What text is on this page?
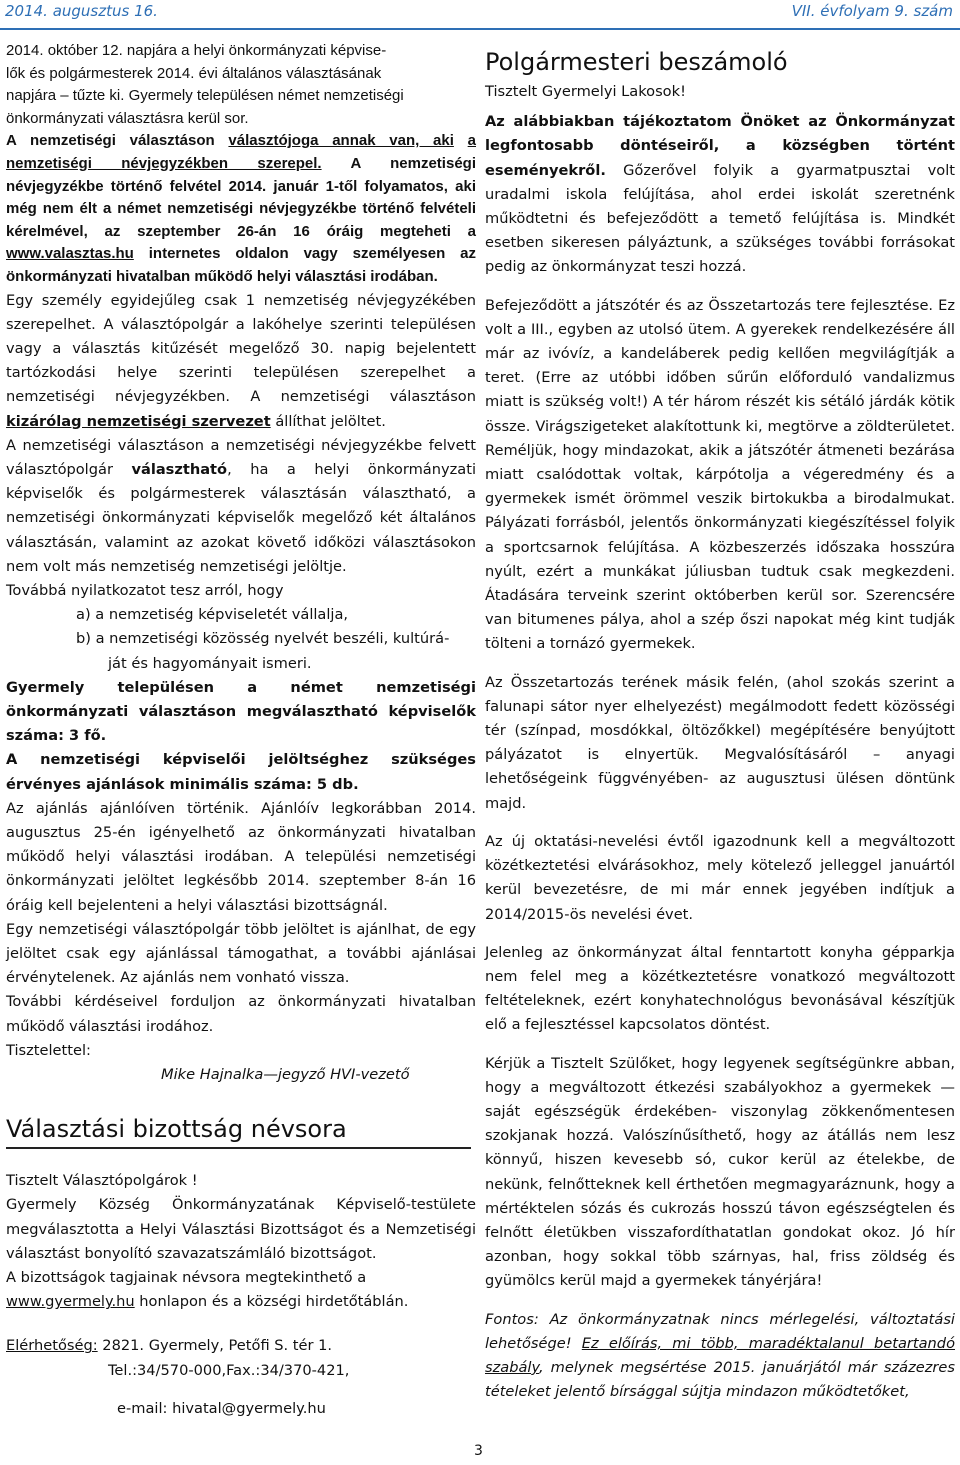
2014. augusztus 16.	VII. évfolyam 9. szám

2014. október 12. napjára a helyi önkormányzati képvise-
lők és polgármesterek 2014. évi általános választásának
napjára – tűzte ki. Gyermely településen német nemzetiségi
önkormányzati választásra kerül sor.

A nemzetiségi választáson választójoga annak van, aki a nemzetiségi névjegyzékben szerepel. A nemzetiségi névjegyzékbe történő felvétel 2014. január 1-től folyamatos, aki még nem élt a német nemzetiségi névjegyzékbe történő felvételi kérelmével, az szeptember 26-án 16 óráig megteheti a www.valasztas.hu internetes oldalon vagy személyesen az önkormányzati hivatalban működő helyi választási irodában.

Egy személy egyidejűleg csak 1 nemzetiség névjegyzékében szerepelhet. A választópolgár a lakóhelye szerinti településen vagy a választás kitűzését megelőző 30. napig bejelentett tartózkodási helye szerinti településen szerepelhet a nemzetiségi névjegyzékben. A nemzetiségi választáson kizárólag nemzetiségi szervezet állíthat jelöltet.

A nemzetiségi választáson a nemzetiségi névjegyzékbe felvett választópolgár választható, ha a helyi önkormányzati képviselők és polgármesterek választásán választható, a nemzetiségi önkormányzati képviselők megelőző két általános választásán, valamint az azokat követő időközi választásokon nem volt más nemzetiség nemzetiségi jelöltje.

Továbbá nyilatkozatot tesz arról, hogy

a) a nemzetiség képviseletét vállalja,

b) a nemzetiségi közösség nyelvét beszéli, kultúrá-

ját és hagyományait ismeri.

Gyermely településen a német nemzetiségi önkormányzati választáson megválasztható képviselők száma: 3 fő.

A nemzetiségi képviselői jelöltséghez szükséges érvényes ajánlások minimális száma: 5 db.

Az ajánlás ajánlóíven történik. Ajánlóív legkorábban 2014. augusztus 25-én igényelhető az önkormányzati hivatalban működő helyi választási irodában. A települési nemzetiségi önkormányzati jelöltet legkésőbb 2014. szeptember 8-án 16 óráig kell bejelenteni a helyi választási bizottságnál.

Egy nemzetiségi választópolgár több jelöltet is ajánlhat, de egy jelöltet csak egy ajánlással támogathat, a további ajánlásai érvénytelenek. Az ajánlás nem vonható vissza.

További kérdéseivel forduljon az önkormányzati hivatalban működő választási irodához.

Tisztelettel:

Mike Hajnalka—jegyző HVI-vezető

Választási bizottság névsora

Tisztelt Választópolgárok !

Gyermely Község Önkormányzatának Képviselő-testülete megválasztotta a Helyi Választási Bizottságot és a Nemzetiségi választást bonyolító szavazatszámláló bizottságot.

A bizottságok tagjainak névsora megtekinthető a
www.gyermely.hu honlapon és a községi hirdetőtáblán.

Elérhetőség: 2821. Gyermely, Petőfi S. tér 1.

Tel.:34/570-000,Fax.:34/370-421,

e-mail: hivatal@gyermely.hu

Polgármesteri beszámoló

Tisztelt Gyermelyi Lakosok!

Az alábbiakban tájékoztatom Önöket az Önkormányzat legfontosabb döntéseiről, a községben történt eseményekről. Gőzerővel folyik a gyarmatpusztai volt uradalmi iskola felújítása, ahol erdei iskolát szeretnénk működtetni és befejeződött a temető felújítása is. Mindkét esetben sikeresen pályáztunk, a szükséges további forrásokat pedig az önkormányzat teszi hozzá.

Befejeződött a játszótér és az Összetartozás tere fejlesztése. Ez volt a III., egyben az utolsó ütem. A gyerekek rendelkezésére áll már az ivóvíz, a kandeláberek pedig kellően megvilágítják a teret. (Erre az utóbbi időben sűrűn előforduló vandalizmus miatt is szükség volt!) A tér három részét kis sétáló járdák kötik össze. Virágszigeteket alakítottunk ki, megtörve a zöldterületet. Reméljük, hogy mindazokat, akik a játszótér átmeneti bezárása miatt csalódottak voltak, kárpótolja a végeredmény és a gyermekek ismét örömmel veszik birtokukba a birodalmukat. Pályázati forrásból, jelentős önkormányzati kiegészítéssel folyik a sportcsarnok felújítása. A közbeszerzés időszaka hosszúra nyúlt, ezért a munkákat júliusban tudtuk csak megkezdeni. Átadására terveink szerint októberben kerül sor. Szerencsére van bitumenes pálya, ahol a szép őszi napokat még kint tudják tölteni a tornázó gyermekek.

Az Összetartozás terének másik felén, (ahol szokás szerint a falunapi sátor nyer elhelyezést) megálmodott fedett közösségi tér (színpad, mosdókkal, öltözőkkel) megépítésére benyújtott pályázatot is elnyertük. Megvalósításáról – anyagi lehetőségeink függvényében- az augusztusi ülésen döntünk majd.

Az új oktatási-nevelési évtől igazodnunk kell a megváltozott közétkeztetési elvárásokhoz, mely kötelező jelleggel januártól kerül bevezetésre, de mi már ennek jegyében indítjuk a 2014/2015-ös nevelési évet.

Jelenleg az önkormányzat által fenntartott konyha gépparkja nem felel meg a közétkeztetésre vonatkozó megváltozott feltételeknek, ezért konyhatechnológus bevonásával készítjük elő a fejlesztéssel kapcsolatos döntést.

Kérjük a Tisztelt Szülőket, hogy legyenek segítségünkre abban, hogy a megváltozott étkezési szabályokhoz a gyermekek —saját egészségük érdekében- viszonylag zökkenőmentesen szokjanak hozzá. Valószínűsíthető, hogy az átállás nem lesz könnyű, hiszen kevesebb só, cukor kerül az ételekbe, de nekünk, felnőtteknek kell érthetően megmagyaráznunk, hogy a mértéktelen sózás és cukrozás hosszú távon egészségtelen és felnőtt életükben visszafordíthatatlan gondokat okoz. Jó hír azonban, hogy sokkal több szárnyas, hal, friss zöldség és gyümölcs kerül majd a gyermekek tányérjára!

Fontos: Az önkormányzatnak nincs mérlegelési, változtatási lehetősége! Ez előírás, mi több, maradéktalanul betartandó szabály, melynek megsértése 2015. januárjától már százezres tételeket jelentő bírsággal sújtja mindazon működtetőket,

3
